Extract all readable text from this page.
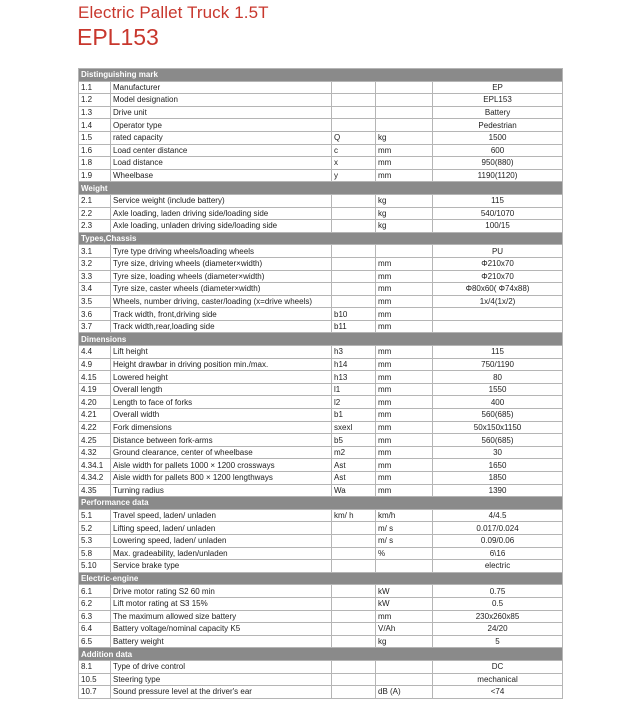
Electric Pallet Truck 1.5T
EPL153
Distinguishing mark				
1.1	Manufacturer			EP
1.2	Model designation			EPL153
1.3	Drive unit			Battery
1.4	Operator type			Pedestrian
1.5	rated capacity	Q	kg	1500
1.6	Load center distance	c	mm	600
1.8	Load distance	x	mm	950(880)
1.9	Wheelbase	y	mm	1190(1120)
Weight				
2.1	Service weight (include battery)		kg	115
2.2	Axle loading, laden driving side/loading side		kg	540/1070
2.3	Axle loading, unladen driving side/loading side		kg	100/15
Types,Chassis				
3.1	Tyre type driving wheels/loading wheels			PU
3.2	Tyre size, driving wheels (diameter×width)		mm	Φ210x70
3.3	Tyre size, loading wheels (diameter×width)		mm	Φ210x70
3.4	Tyre size, caster wheels (diameter×width)		mm	Φ80x60( Φ74x88)
3.5	Wheels, number driving, caster/loading (x=drive wheels)		mm	1x/4(1x/2)
3.6	Track width, front,driving side	b10	mm	
3.7	Track width,rear,loading side	b11	mm	
Dimensions				
4.4	Lift height	h3	mm	115
4.9	Height drawbar in driving position min./max.	h14	mm	750/1190
4.15	Lowered height	h13	mm	80
4.19	Overall length	l1	mm	1550
4.20	Length to face of forks	l2	mm	400
4.21	Overall width	b1	mm	560(685)
4.22	Fork dimensions	sxexl	mm	50x150x1150
4.25	Distance between fork-arms	b5	mm	560(685)
4.32	Ground clearance, center of wheelbase	m2	mm	30
4.34.1	Aisle width for pallets 1000 × 1200 crossways	Ast	mm	1650
4.34.2	Aisle width for pallets 800 × 1200 lengthways	Ast	mm	1850
4.35	Turning radius	Wa	mm	1390
Performance data				
5.1	Travel speed, laden/ unladen	km/ h	km/h	4/4.5
5.2	Lifting speed, laden/ unladen		m/ s	0.017/0.024
5.3	Lowering speed, laden/ unladen		m/ s	0.09/0.06
5.8	Max. gradeability, laden/unladen		%	6\16
5.10	Service brake type			electric
Electric-engine				
6.1	Drive motor rating S2 60 min		kW	0.75
6.2	Lift motor rating at S3 15%		kW	0.5
6.3	The maximum allowed size battery		mm	230x260x85
6.4	Battery voltage/nominal capacity K5		V/Ah	24/20
6.5	Battery weight		kg	5
Addition data				
8.1	Type of drive control			DC
10.5	Steering type			mechanical
10.7	Sound pressure level at the driver's ear		dB (A)	<74
